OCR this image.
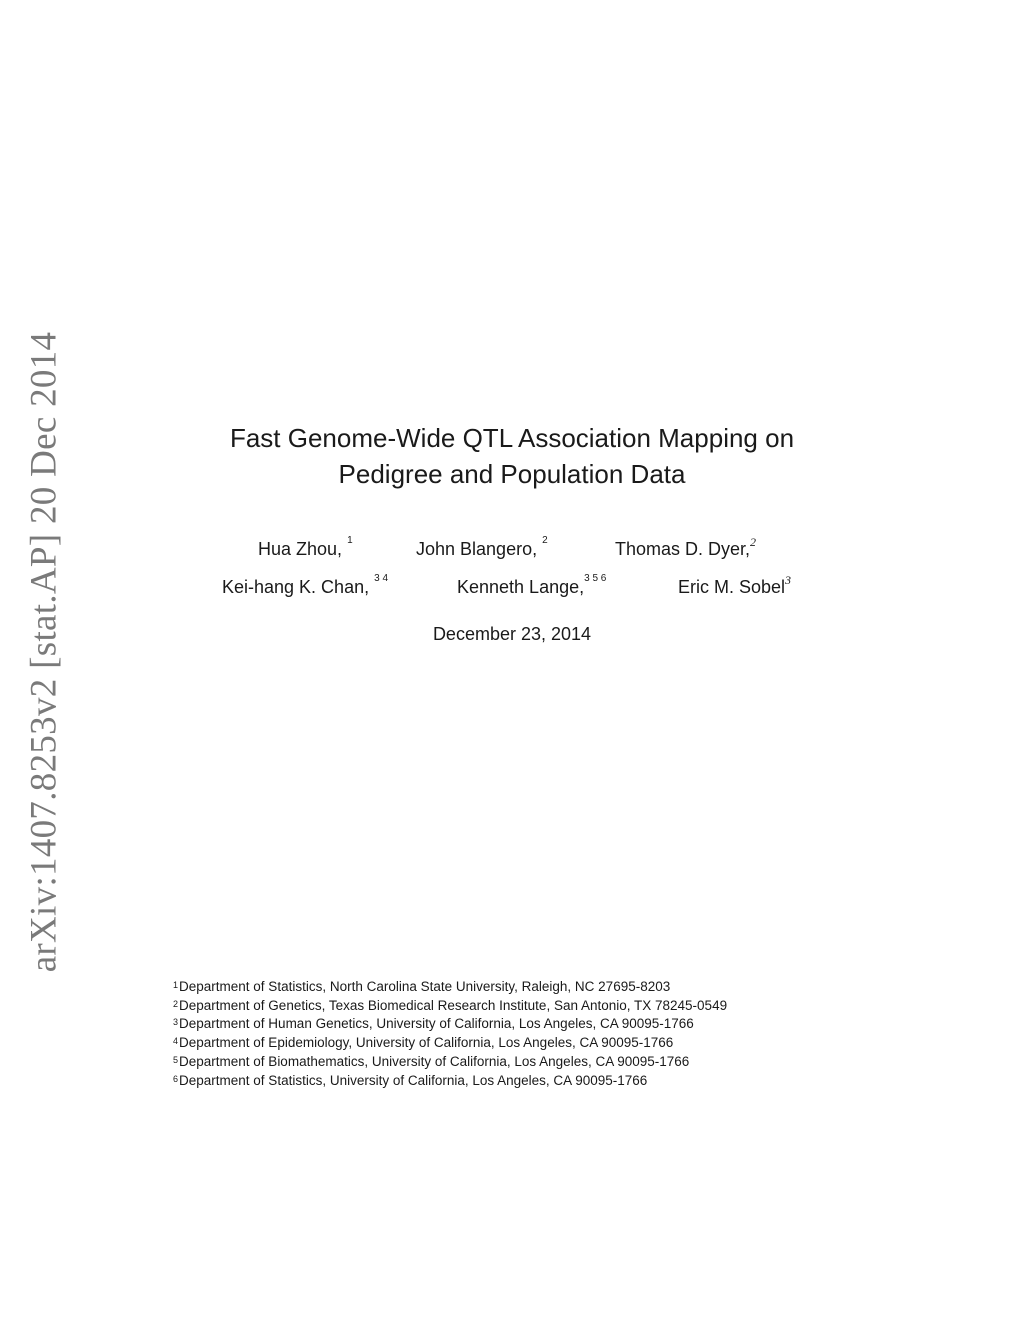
arXiv:1407.8253v2 [stat.AP] 20 Dec 2014	Fast Genome-Wide QTL Association Mapping on
Pedigree and Population Data
Hua Zhou, $^1$	John Blangero, $^2$	Thomas D. Dyer,$^2$
Kei-hang K. Chan, $^{3 4}$	Kenneth Lange,$^{3 5 6}$	Eric M. Sobel$^3$
December 23, 2014
$^1$Department of Statistics, North Carolina State University, Raleigh, NC 27695-8203
$^2$Department of Genetics, Texas Biomedical Research Institute, San Antonio, TX 78245-0549
$^3$Department of Human Genetics, University of California, Los Angeles, CA 90095-1766
$^4$Department of Epidemiology, University of California, Los Angeles, CA 90095-1766
$^5$Department of Biomathematics, University of California, Los Angeles, CA 90095-1766
$^6$Department of Statistics, University of California, Los Angeles, CA 90095-1766
